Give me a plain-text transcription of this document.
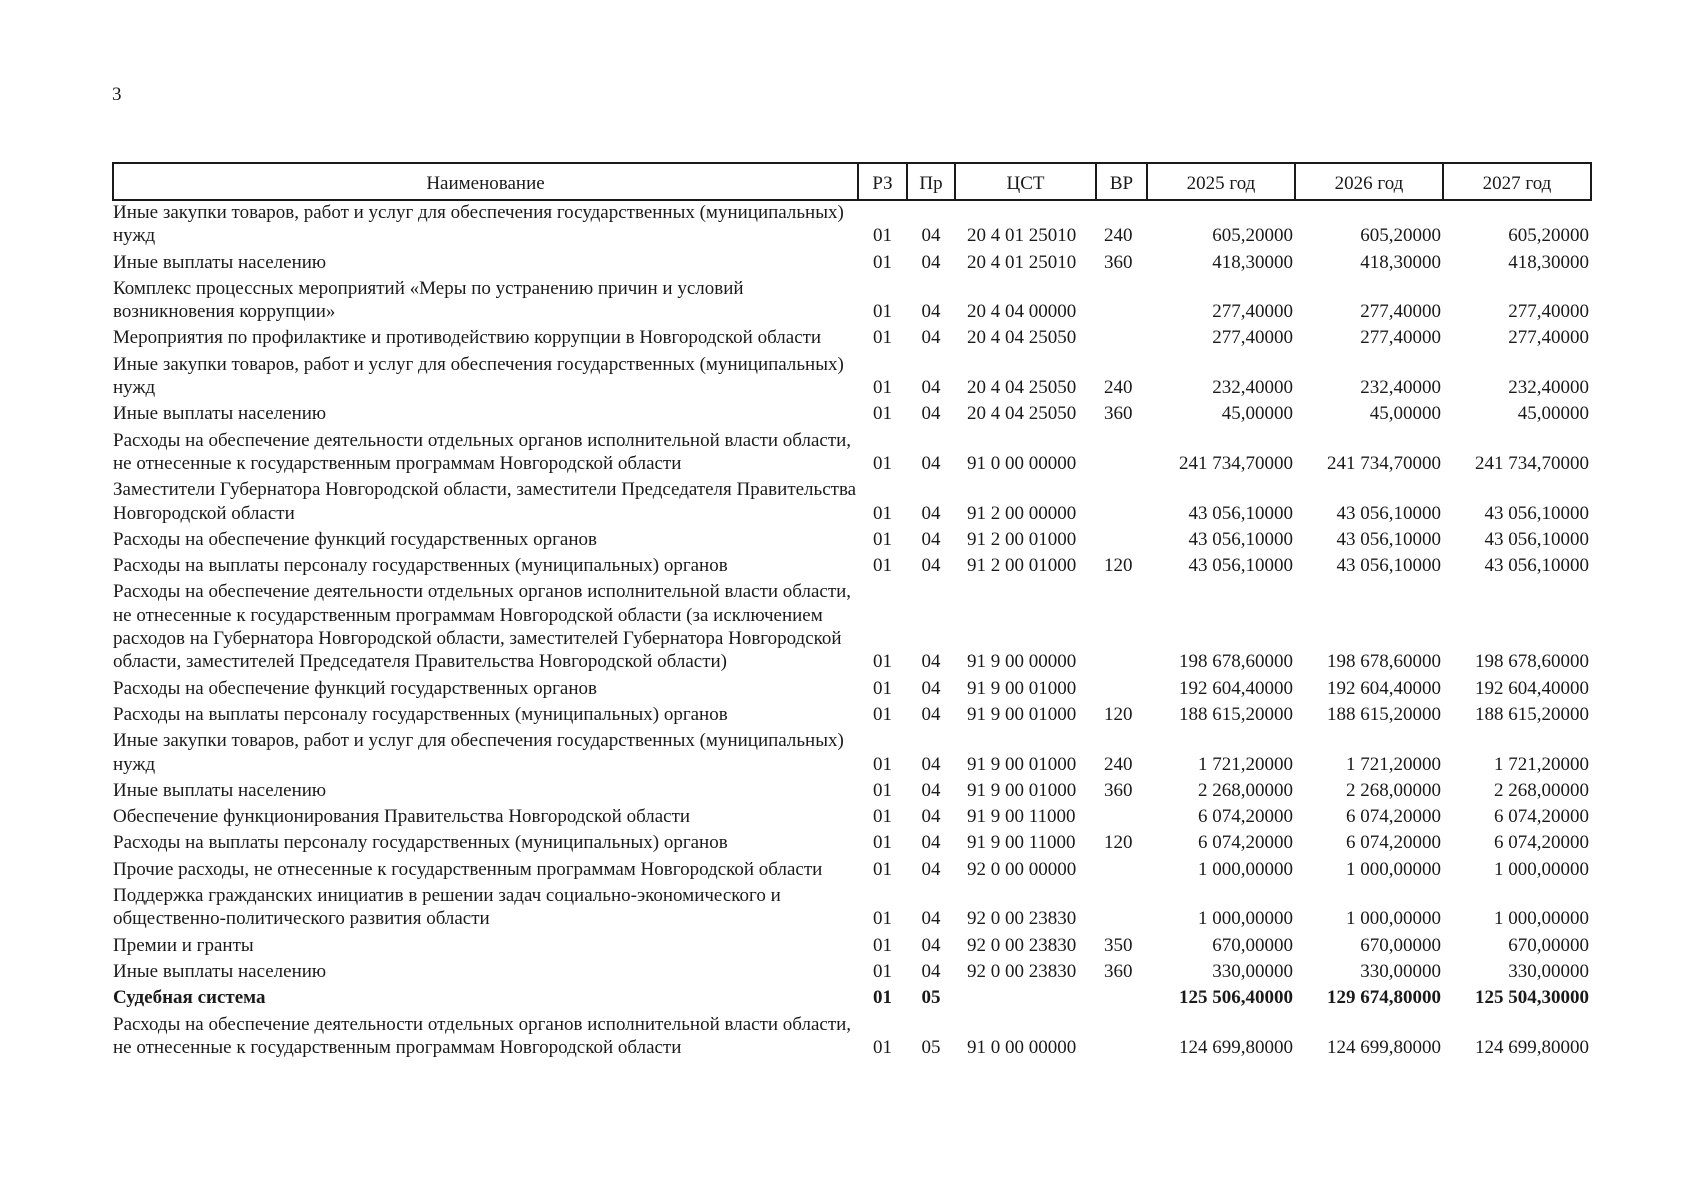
3
Наименование	РЗ	Пр	ЦСТ	ВР	2025 год	2026 год	2027 год
Иные закупки товаров, работ и услуг для обеспечения государственных (муниципальных) нужд	01	04	20 4 01 25010	240	605,20000	605,20000	605,20000
Иные выплаты населению	01	04	20 4 01 25010	360	418,30000	418,30000	418,30000
Комплекс процессных мероприятий «Меры по устранению причин и условий возникновения коррупции»	01	04	20 4 04 00000		277,40000	277,40000	277,40000
Мероприятия по профилактике и противодействию коррупции в Новгородской области	01	04	20 4 04 25050		277,40000	277,40000	277,40000
Иные закупки товаров, работ и услуг для обеспечения государственных (муниципальных) нужд	01	04	20 4 04 25050	240	232,40000	232,40000	232,40000
Иные выплаты населению	01	04	20 4 04 25050	360	45,00000	45,00000	45,00000
Расходы на обеспечение деятельности отдельных органов исполнительной власти области, не отнесенные к государственным программам Новгородской области	01	04	91 0 00 00000		241 734,70000	241 734,70000	241 734,70000
Заместители Губернатора Новгородской области, заместители Председателя Правительства Новгородской области	01	04	91 2 00 00000		43 056,10000	43 056,10000	43 056,10000
Расходы на обеспечение функций государственных органов	01	04	91 2 00 01000		43 056,10000	43 056,10000	43 056,10000
Расходы на выплаты персоналу государственных (муниципальных) органов	01	04	91 2 00 01000	120	43 056,10000	43 056,10000	43 056,10000
Расходы на обеспечение деятельности отдельных органов исполнительной власти области, не отнесенные к государственным программам Новгородской области (за исключением расходов на Губернатора Новгородской области, заместителей Губернатора Новгородской области, заместителей Председателя Правительства Новгородской области)	01	04	91 9 00 00000		198 678,60000	198 678,60000	198 678,60000
Расходы на обеспечение функций государственных органов	01	04	91 9 00 01000		192 604,40000	192 604,40000	192 604,40000
Расходы на выплаты персоналу государственных (муниципальных) органов	01	04	91 9 00 01000	120	188 615,20000	188 615,20000	188 615,20000
Иные закупки товаров, работ и услуг для обеспечения государственных (муниципальных) нужд	01	04	91 9 00 01000	240	1 721,20000	1 721,20000	1 721,20000
Иные выплаты населению	01	04	91 9 00 01000	360	2 268,00000	2 268,00000	2 268,00000
Обеспечение функционирования Правительства Новгородской области	01	04	91 9 00 11000		6 074,20000	6 074,20000	6 074,20000
Расходы на выплаты персоналу государственных (муниципальных) органов	01	04	91 9 00 11000	120	6 074,20000	6 074,20000	6 074,20000
Прочие расходы, не отнесенные к государственным программам Новгородской области	01	04	92 0 00 00000		1 000,00000	1 000,00000	1 000,00000
Поддержка гражданских инициатив в решении задач социально-экономического и общественно-политического развития области	01	04	92 0 00 23830		1 000,00000	1 000,00000	1 000,00000
Премии и гранты	01	04	92 0 00 23830	350	670,00000	670,00000	670,00000
Иные выплаты населению	01	04	92 0 00 23830	360	330,00000	330,00000	330,00000
Судебная система	01	05			125 506,40000	129 674,80000	125 504,30000
Расходы на обеспечение деятельности отдельных органов исполнительной власти области, не отнесенные к государственным программам Новгородской области	01	05	91 0 00 00000		124 699,80000	124 699,80000	124 699,80000
